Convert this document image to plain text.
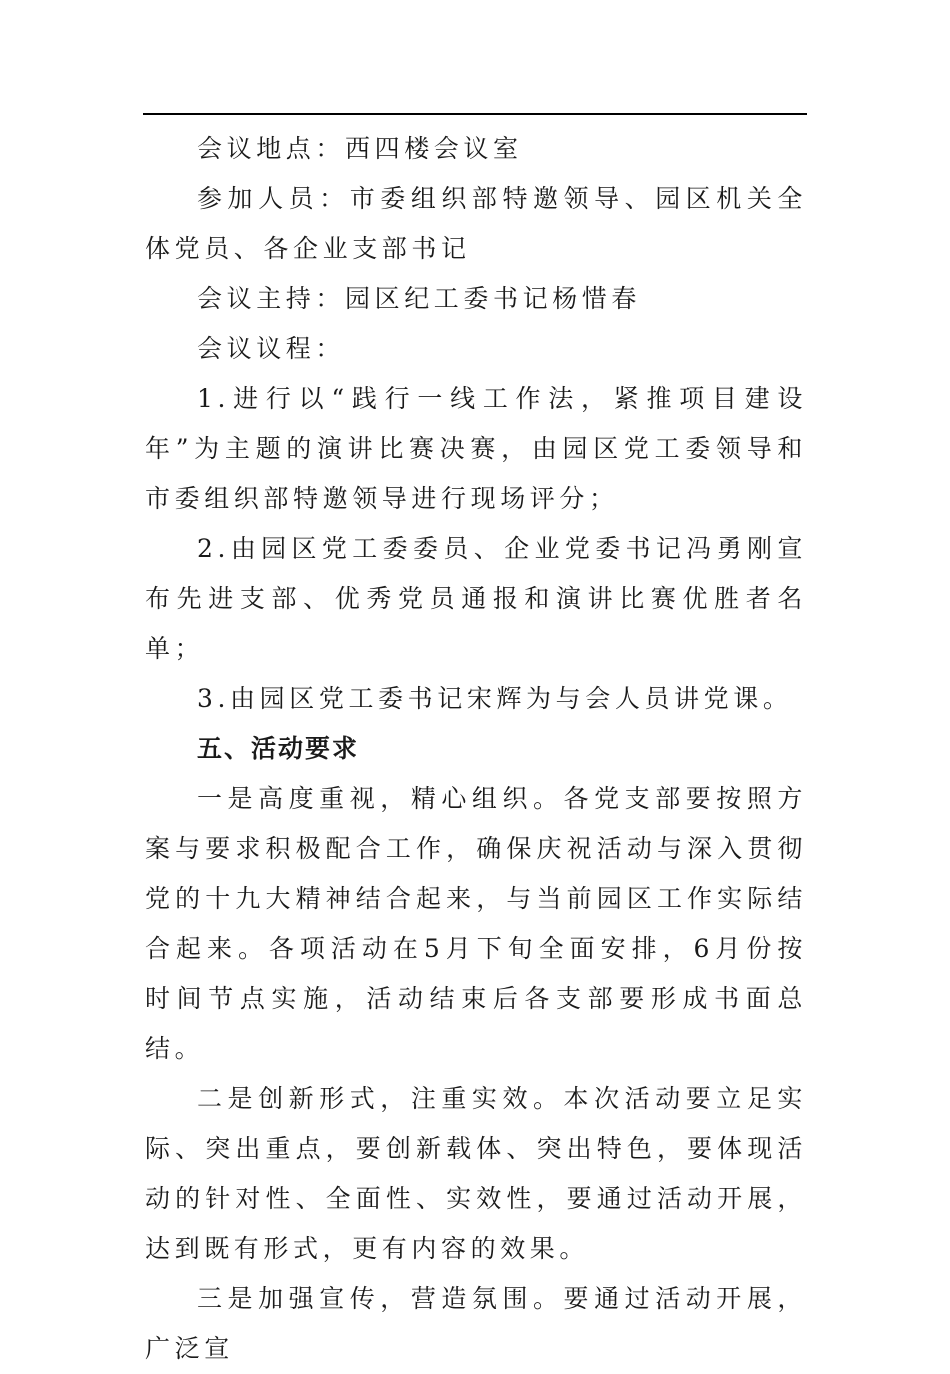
会议地点：西四楼会议室

参加人员：市委组织部特邀领导、园区机关全体党员、各企业支部书记

会议主持：园区纪工委书记杨惜春

会议议程：

1.进行以“践行一线工作法，紧推项目建设年”为主题的演讲比赛决赛，由园区党工委领导和市委组织部特邀领导进行现场评分；

2.由园区党工委委员、企业党委书记冯勇刚宣布先进支部、优秀党员通报和演讲比赛优胜者名单；

3.由园区党工委书记宋辉为与会人员讲党课。

五、活动要求

一是高度重视，精心组织。各党支部要按照方案与要求积极配合工作，确保庆祝活动与深入贯彻党的十九大精神结合起来，与当前园区工作实际结合起来。各项活动在5月下旬全面安排，6月份按时间节点实施，活动结束后各支部要形成书面总结。

二是创新形式，注重实效。本次活动要立足实际、突出重点，要创新载体、突出特色，要体现活动的针对性、全面性、实效性，要通过活动开展，达到既有形式，更有内容的效果。

三是加强宣传，营造氛围。要通过活动开展，广泛宣
